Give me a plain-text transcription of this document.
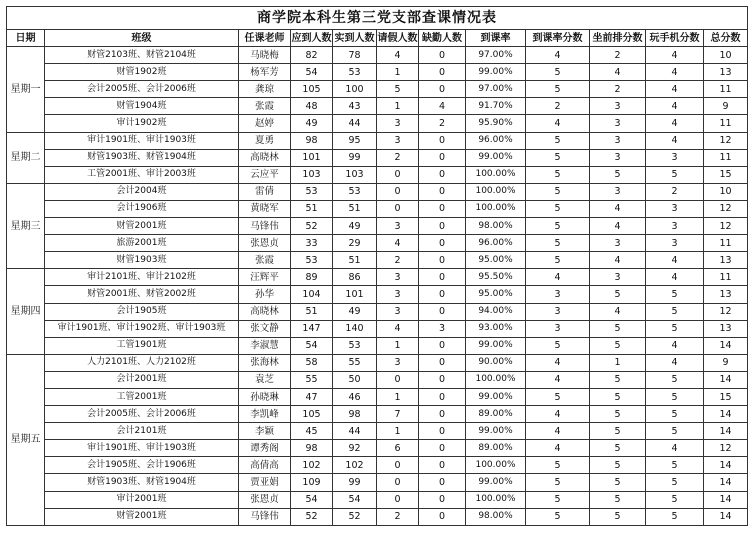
商学院本科生第三党支部查课情况表											
日期	班级	任课老师	应到人数	实到人数	请假人数	缺勤人数	到课率	到课率分数	坐前排分数	玩手机分数	总分数
星期一	财管2103班、财管2104班	马晓梅	82	78	4	0	97.00%	4	2	4	10
	财管1902班	杨军芳	54	53	1	0	99.00%	5	4	4	13
	会计2005班、会计2006班	龚琼	105	100	5	0	97.00%	5	2	4	11
	财管1904班	张霞	48	43	1	4	91.70%	2	3	4	9
	审计1902班	赵婷	49	44	3	2	95.90%	4	3	4	11
星期二	审计1901班、审计1903班	夏勇	98	95	3	0	96.00%	5	3	4	12
	财管1903班、财管1904班	高晓林	101	99	2	0	99.00%	5	3	3	11
	工管2001班、审计2003班	云应平	103	103	0	0	100.00%	5	5	5	15
星期三	会计2004班	雷倩	53	53	0	0	100.00%	5	3	2	10
	会计1906班	黄晓军	51	51	0	0	100.00%	5	4	3	12
	财管2001班	马锋伟	52	49	3	0	98.00%	5	4	3	12
	旅游2001班	张恩贞	33	29	4	0	96.00%	5	3	3	11
	财管1903班	张霞	53	51	2	0	95.00%	5	4	4	13
星期四	审计2101班、审计2102班	汪辉平	89	86	3	0	95.50%	4	3	4	11
	财管2001班、财管2002班	孙华	104	101	3	0	95.00%	3	5	5	13
	会计1905班	高晓林	51	49	3	0	94.00%	3	4	5	12
	审计1901班、审计1902班、审计1903班	张文静	147	140	4	3	93.00%	3	5	5	13
	工管1901班	李淑慧	54	53	1	0	99.00%	5	5	4	14
星期五	人力2101班、人力2102班	张海林	58	55	3	0	90.00%	4	1	4	9
	会计2001班	袁芝	55	50	0	0	100.00%	4	5	5	14
	工管2001班	孙晓琳	47	46	1	0	99.00%	5	5	5	15
	会计2005班、会计2006班	李凯峰	105	98	7	0	89.00%	4	5	5	14
	会计2101班	李颖	45	44	1	0	99.00%	4	5	5	14
	审计1901班、审计1903班	谭秀阁	98	92	6	0	89.00%	4	5	4	12
	会计1905班、会计1906班	高倩高	102	102	0	0	100.00%	5	5	5	14
	财管1903班、财管1904班	贾亚娟	109	99	0	0	99.00%	5	5	5	14
	审计2001班	张恩贞	54	54	0	0	100.00%	5	5	5	14
	财管2001班	马锋伟	52	52	2	0	98.00%	5	5	5	14
